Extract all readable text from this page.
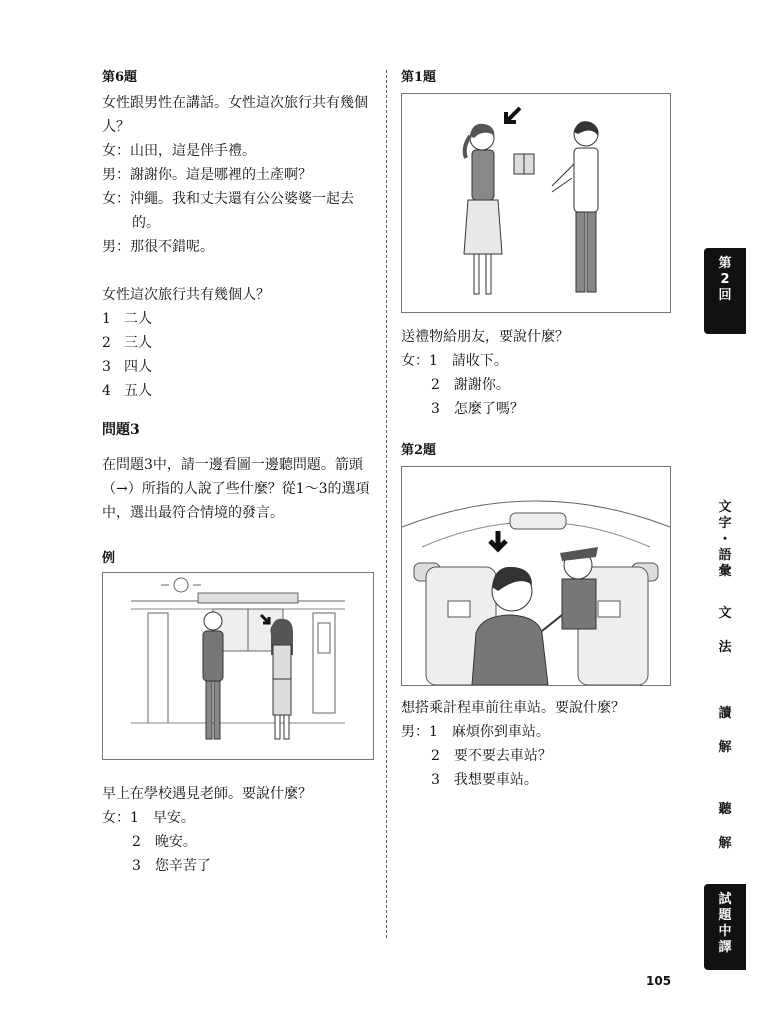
第6題
女性跟男性在講話。女性這次旅行共有幾個人？
女：山田，這是伴手禮。
男：謝謝你。這是哪裡的土產啊？
女：沖繩。我和丈夫還有公公婆婆一起去
的。
男：那很不錯呢。
女性這次旅行共有幾個人？
1 二人
2 三人
3 四人
4 五人
問題3
在問題3中，請一邊看圖一邊聽問題。箭頭（→）所指的人說了些什麼？從1～3的選項中，選出最符合情境的發言。
例
早上在學校遇見老師。要說什麼？
女：1　早安。
2　晚安。
3　您辛苦了
第1題
送禮物給朋友，要說什麼？
女：1　請收下。
2　謝謝你。
3　怎麼了嗎？
第2題
想搭乘計程車前往車站。要說什麼？
男：1　麻煩你到車站。
2　要不要去車站？
3　我想要車站。
第
2
回
文
字
・
語
彙
文
法
讀
解
聽
解
試
題
中
譯
105
